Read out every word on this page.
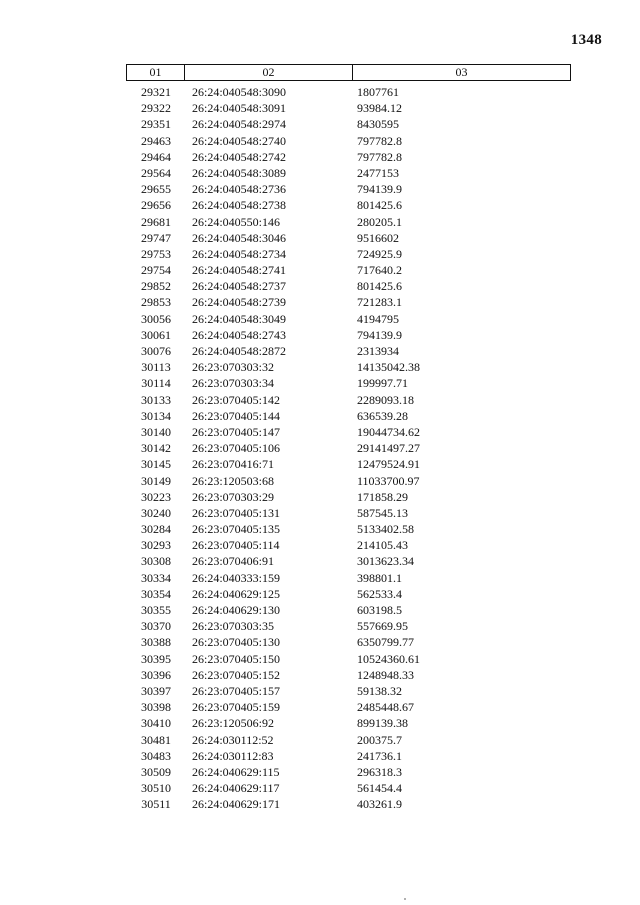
1348
01	02	03
29321	26:24:040548:3090	1807761
29322	26:24:040548:3091	93984.12
29351	26:24:040548:2974	8430595
29463	26:24:040548:2740	797782.8
29464	26:24:040548:2742	797782.8
29564	26:24:040548:3089	2477153
29655	26:24:040548:2736	794139.9
29656	26:24:040548:2738	801425.6
29681	26:24:040550:146	280205.1
29747	26:24:040548:3046	9516602
29753	26:24:040548:2734	724925.9
29754	26:24:040548:2741	717640.2
29852	26:24:040548:2737	801425.6
29853	26:24:040548:2739	721283.1
30056	26:24:040548:3049	4194795
30061	26:24:040548:2743	794139.9
30076	26:24:040548:2872	2313934
30113	26:23:070303:32	14135042.38
30114	26:23:070303:34	199997.71
30133	26:23:070405:142	2289093.18
30134	26:23:070405:144	636539.28
30140	26:23:070405:147	19044734.62
30142	26:23:070405:106	29141497.27
30145	26:23:070416:71	12479524.91
30149	26:23:120503:68	11033700.97
30223	26:23:070303:29	171858.29
30240	26:23:070405:131	587545.13
30284	26:23:070405:135	5133402.58
30293	26:23:070405:114	214105.43
30308	26:23:070406:91	3013623.34
30334	26:24:040333:159	398801.1
30354	26:24:040629:125	562533.4
30355	26:24:040629:130	603198.5
30370	26:23:070303:35	557669.95
30388	26:23:070405:130	6350799.77
30395	26:23:070405:150	10524360.61
30396	26:23:070405:152	1248948.33
30397	26:23:070405:157	59138.32
30398	26:23:070405:159	2485448.67
30410	26:23:120506:92	899139.38
30481	26:24:030112:52	200375.7
30483	26:24:030112:83	241736.1
30509	26:24:040629:115	296318.3
30510	26:24:040629:117	561454.4
30511	26:24:040629:171	403261.9
